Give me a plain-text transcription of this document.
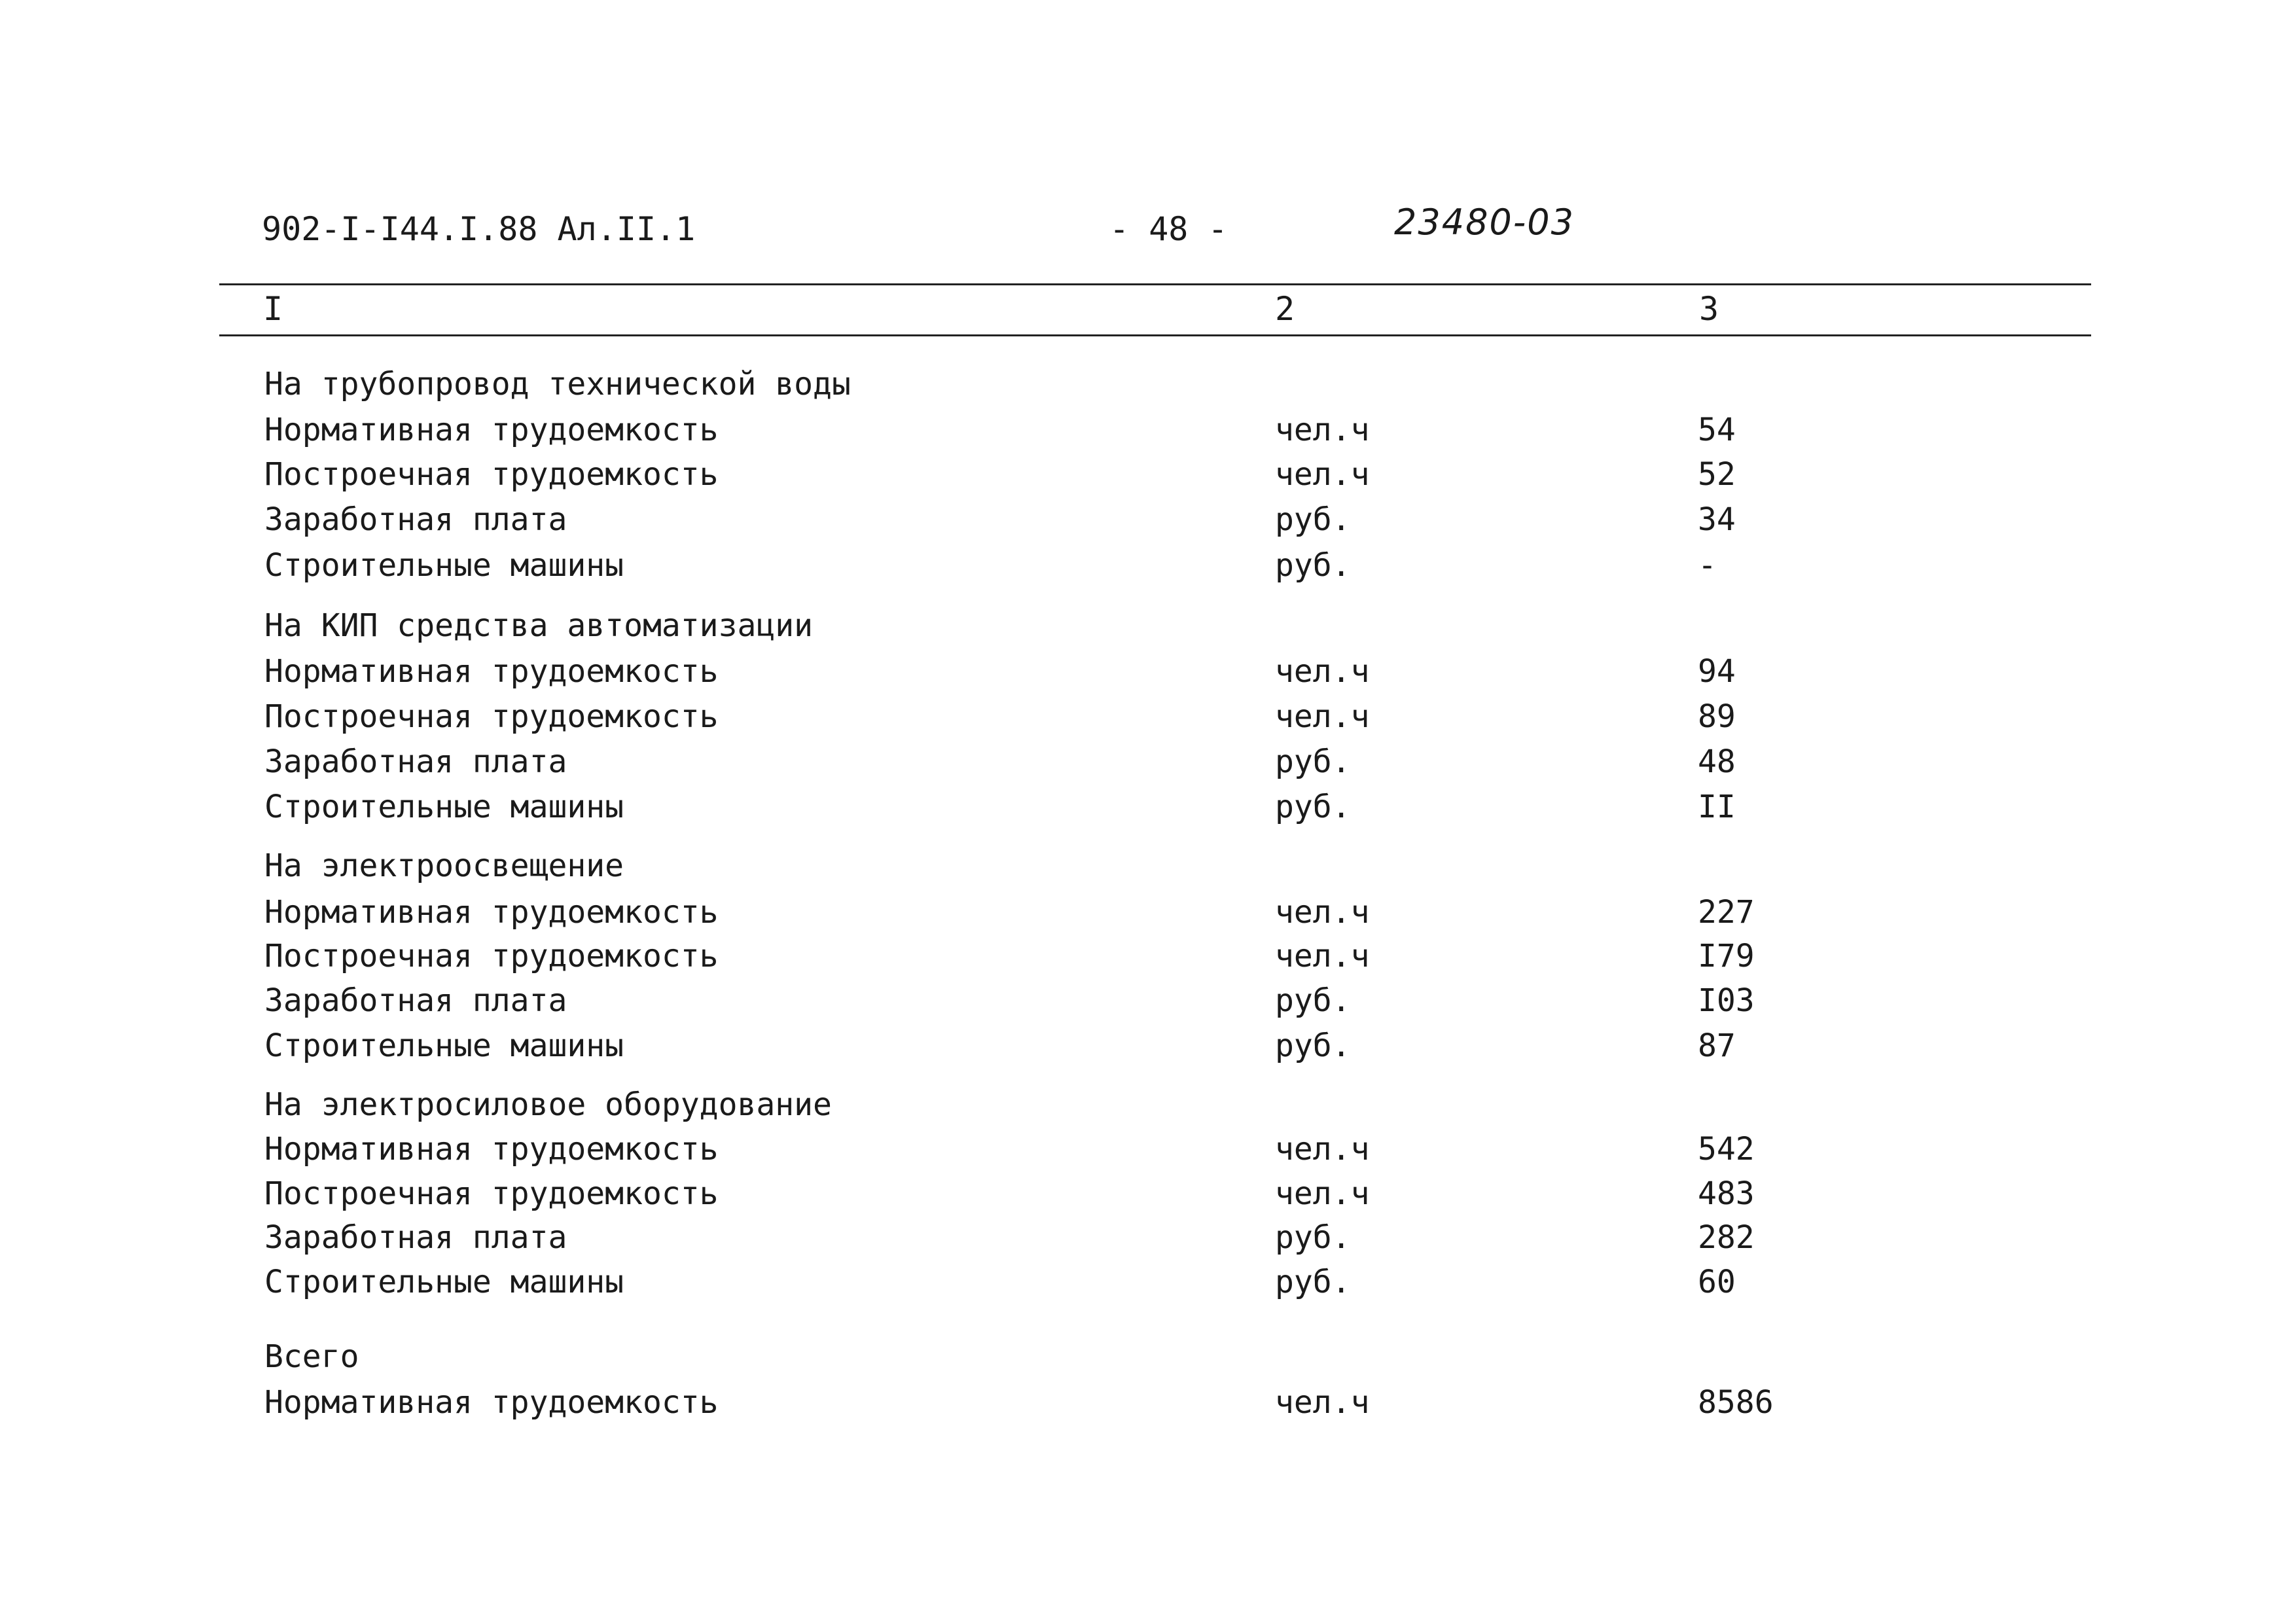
902-I-I44.I.88 Ал.II.1	- 48 -	23480-03
I	2	3
На трубопровод технической воды
Нормативная трудоемкость	чел.ч	54
Построечная трудоемкость	чел.ч	52
Заработная плата	руб.	34
Строительные машины	руб.	-
На КИП средства автоматизации
Нормативная трудоемкость	чел.ч	94
Построечная трудоемкость	чел.ч	89
Заработная плата	руб.	48
Строительные машины	руб.	II
На электроосвещение
Нормативная трудоемкость	чел.ч	227
Построечная трудоемкость	чел.ч	I79
Заработная плата	руб.	I03
Строительные машины	руб.	87
На электросиловое оборудование
Нормативная трудоемкость	чел.ч	542
Построечная трудоемкость	чел.ч	483
Заработная плата	руб.	282
Строительные машины	руб.	60
Всего
Нормативная трудоемкость	чел.ч	8586
